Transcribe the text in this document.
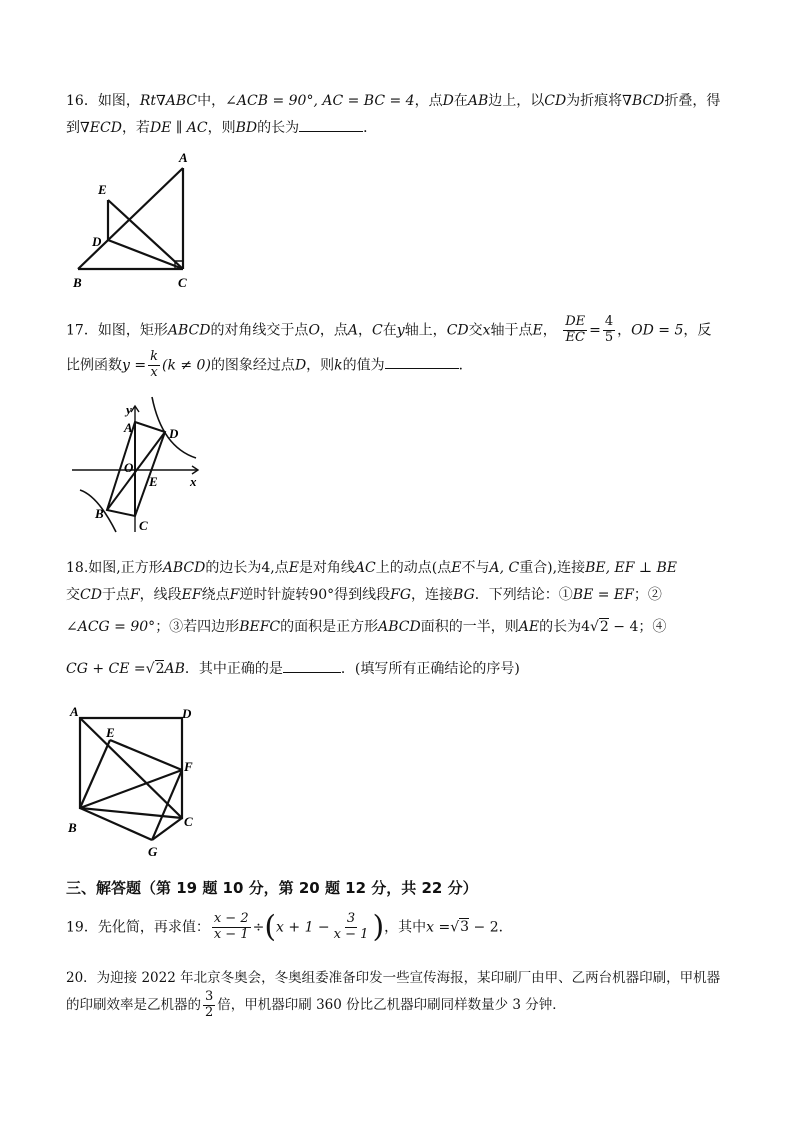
16．如图，Rt∇ABC中，∠ACB = 90°, AC = BC = 4，点D在AB边上，以CD为折痕将∇BCD折叠，得
到∇ECD，若DE ∥ AC，则BD的长为	．
A
E
D
B	C
17．如图，矩形ABCD的对角线交于点O，点A，C在y轴上，CD交x轴于点E， $\frac{DE}{EC} = \frac{4}{5}$ ，OD = 5，反
比例函数$y = \frac{k}{x} (k \ne 0)$的图象经过点D，则k的值为	．
y
A	D
O
E x
B
C
18.如图,正方形ABCD的边长为4,点E是对角线AC上的动点(点E不与A, C重合),连接BE, EF ⊥ BE
交CD于点F，线段EF绕点F逆时针旋转90°得到线段FG，连接BG．下列结论：①BE = EF；②
∠ACG = 90°；③若四边形BEFC的面积是正方形ABCD面积的一半，则AE的长为4√2 − 4；④
CG + CE =√2AB．其中正确的是	．(填写所有正确结论的序号)
A	D
E
F
B	C
G
三、解答题（第 19 题 10 分，第 20 题 12 分，共 22 分）
19．先化简，再求值： $\frac{x - 2}{x - 1} \div(x + 1 - \frac{3}{x - 1}$ )，其中x =√3 − 2．
20．为迎接 2022 年北京冬奥会，冬奥组委准备印发一些宣传海报，某印刷厂由甲、乙两台机器印刷，甲机器
的印刷效率是乙机器的 $\frac{3}{2}$ 倍，甲机器印刷 360 份比乙机器印刷同样数量少 3 分钟．
